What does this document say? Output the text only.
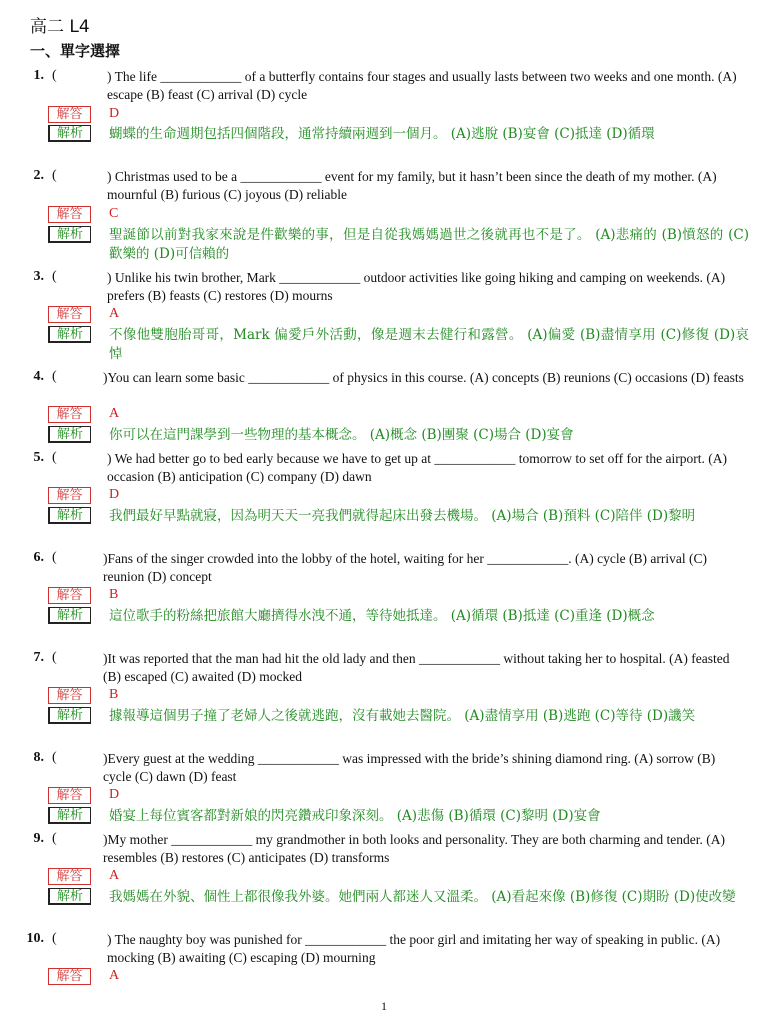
高二 L4
一、單字選擇
1. (	) The life ____________ of a butterfly contains four stages and usually lasts between two weeks and one month. (A) escape (B) feast (C) arrival (D) cycle
解答	D
解析	蝴蝶的生命週期包括四個階段，通常持續兩週到一個月。 (A)逃脫 (B)宴會 (C)抵達 (D)循環
2. (	) Christmas used to be a ____________ event for my family, but it hasn’t been since the death of my mother. (A) mournful (B) furious (C) joyous (D) reliable
解答	C
解析	聖誕節以前對我家來說是件歡樂的事，但是自從我媽媽過世之後就再也不是了。 (A)悲痛的 (B)憤怒的 (C)歡樂的 (D)可信賴的
3. (	) Unlike his twin brother, Mark ____________ outdoor activities like going hiking and camping on weekends. (A) prefers (B) feasts (C) restores (D) mourns
解答	A
解析	不像他雙胞胎哥哥，Mark 偏愛戶外活動，像是週末去健行和露營。 (A)偏愛 (B)盡情享用 (C)修復 (D)哀悼
4. (	)You can learn some basic ____________ of physics in this course. (A) concepts (B) reunions (C) occasions (D) feasts
解答	A
解析	你可以在這門課學到一些物理的基本概念。 (A)概念 (B)團聚 (C)場合 (D)宴會
5. (	) We had better go to bed early because we have to get up at ____________ tomorrow to set off for the airport. (A) occasion (B) anticipation (C) company (D) dawn
解答	D
解析	我們最好早點就寢，因為明天天一亮我們就得起床出發去機場。 (A)場合 (B)預料 (C)陪伴 (D)黎明
6. (	)Fans of the singer crowded into the lobby of the hotel, waiting for her ____________. (A) cycle (B) arrival (C) reunion (D) concept
解答	B
解析	這位歌手的粉絲把旅館大廳擠得水洩不通，等待她抵達。 (A)循環 (B)抵達 (C)重逢 (D)概念
7. (	)It was reported that the man had hit the old lady and then ____________ without taking her to hospital. (A) feasted (B) escaped (C) awaited (D) mocked
解答	B
解析	據報導這個男子撞了老婦人之後就逃跑，沒有載她去醫院。 (A)盡情享用 (B)逃跑 (C)等待 (D)譏笑
8. (	)Every guest at the wedding ____________ was impressed with the bride’s shining diamond ring. (A) sorrow (B) cycle (C) dawn (D) feast
解答	D
解析	婚宴上每位賓客都對新娘的閃亮鑽戒印象深刻。 (A)悲傷 (B)循環 (C)黎明 (D)宴會
9. (	)My mother ____________ my grandmother in both looks and personality. They are both charming and tender. (A) resembles (B) restores (C) anticipates (D) transforms
解答	A
解析	我媽媽在外貌、個性上都很像我外婆。她們兩人都迷人又溫柔。 (A)看起來像 (B)修復 (C)期盼 (D)使改變
10. (	) The naughty boy was punished for ____________ the poor girl and imitating her way of speaking in public. (A) mocking (B) awaiting (C) escaping (D) mourning
解答	A
1
